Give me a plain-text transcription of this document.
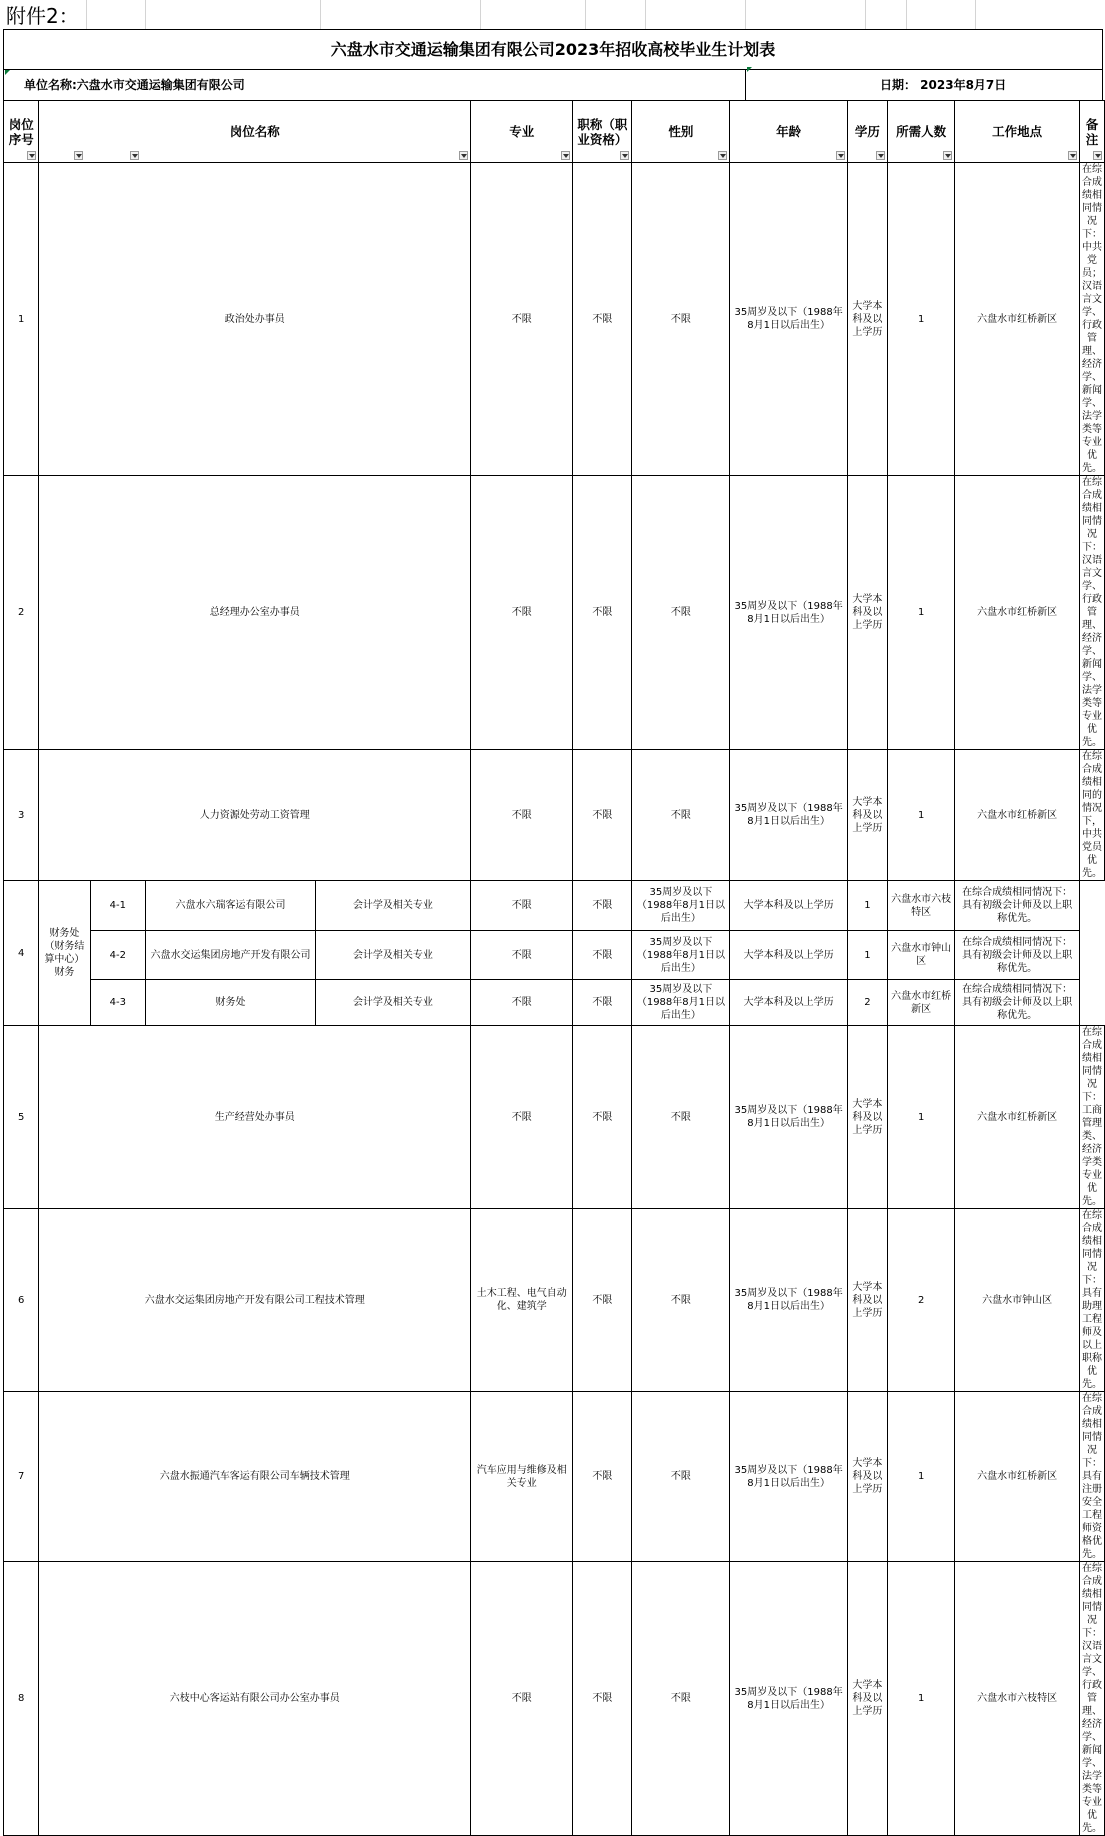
附件2：
六盘水市交通运输集团有限公司2023年招收高校毕业生计划表
单位名称:六盘水市交通运输集团有限公司	日期： 2023年8月7日
岗位序号	岗位名称				专业	职称（职业资格）	性别	年龄	学历	所需人数	工作地点	备注

1	政治处办事员				不限	不限	不限	35周岁及以下（1988年8月1日以后出生）	大学本科及以上学历	1	六盘水市红桥新区	在综合成绩相同情况下：中共党员；汉语言文学、行政管理、经济学、新闻学、法学类等专业优先。
2	总经理办公室办事员				不限	不限	不限	35周岁及以下（1988年8月1日以后出生）	大学本科及以上学历	1	六盘水市红桥新区	在综合成绩相同情况下：汉语言文学、行政管理、经济学、新闻学、法学类等专业优先。
3	人力资源处劳动工资管理				不限	不限	不限	35周岁及以下（1988年8月1日以后出生）	大学本科及以上学历	1	六盘水市红桥新区	在综合成绩相同的情况下，中共党员优先。
4	财务处（财务结算中心）财务	4-1	六盘水六瑞客运有限公司	会计学及相关专业	不限	不限	35周岁及以下（1988年8月1日以后出生）	大学本科及以上学历	1	六盘水市六枝特区	在综合成绩相同情况下：具有初级会计师及以上职称优先。	
		4-2	六盘水交运集团房地产开发有限公司	会计学及相关专业	不限	不限	35周岁及以下（1988年8月1日以后出生）	大学本科及以上学历	1	六盘水市钟山区	在综合成绩相同情况下：具有初级会计师及以上职称优先。	
		4-3	财务处	会计学及相关专业	不限	不限	35周岁及以下（1988年8月1日以后出生）	大学本科及以上学历	2	六盘水市红桥新区	在综合成绩相同情况下：具有初级会计师及以上职称优先。	
5	生产经营处办事员				不限	不限	不限	35周岁及以下（1988年8月1日以后出生）	大学本科及以上学历	1	六盘水市红桥新区	在综合成绩相同情况下：工商管理类、经济学类专业优先。
6	六盘水交运集团房地产开发有限公司工程技术管理				土木工程、电气自动化、建筑学	不限	不限	35周岁及以下（1988年8月1日以后出生）	大学本科及以上学历	2	六盘水市钟山区	在综合成绩相同情况下：具有助理工程师及以上职称优先。
7	六盘水振通汽车客运有限公司车辆技术管理				汽车应用与维修及相关专业	不限	不限	35周岁及以下（1988年8月1日以后出生）	大学本科及以上学历	1	六盘水市红桥新区	在综合成绩相同情况下：具有注册安全工程师资格优先。
8	六枝中心客运站有限公司办公室办事员				不限	不限	不限	35周岁及以下（1988年8月1日以后出生）	大学本科及以上学历	1	六盘水市六枝特区	在综合成绩相同情况下：汉语言文学、行政管理、经济学、新闻学、法学类等专业优先。
